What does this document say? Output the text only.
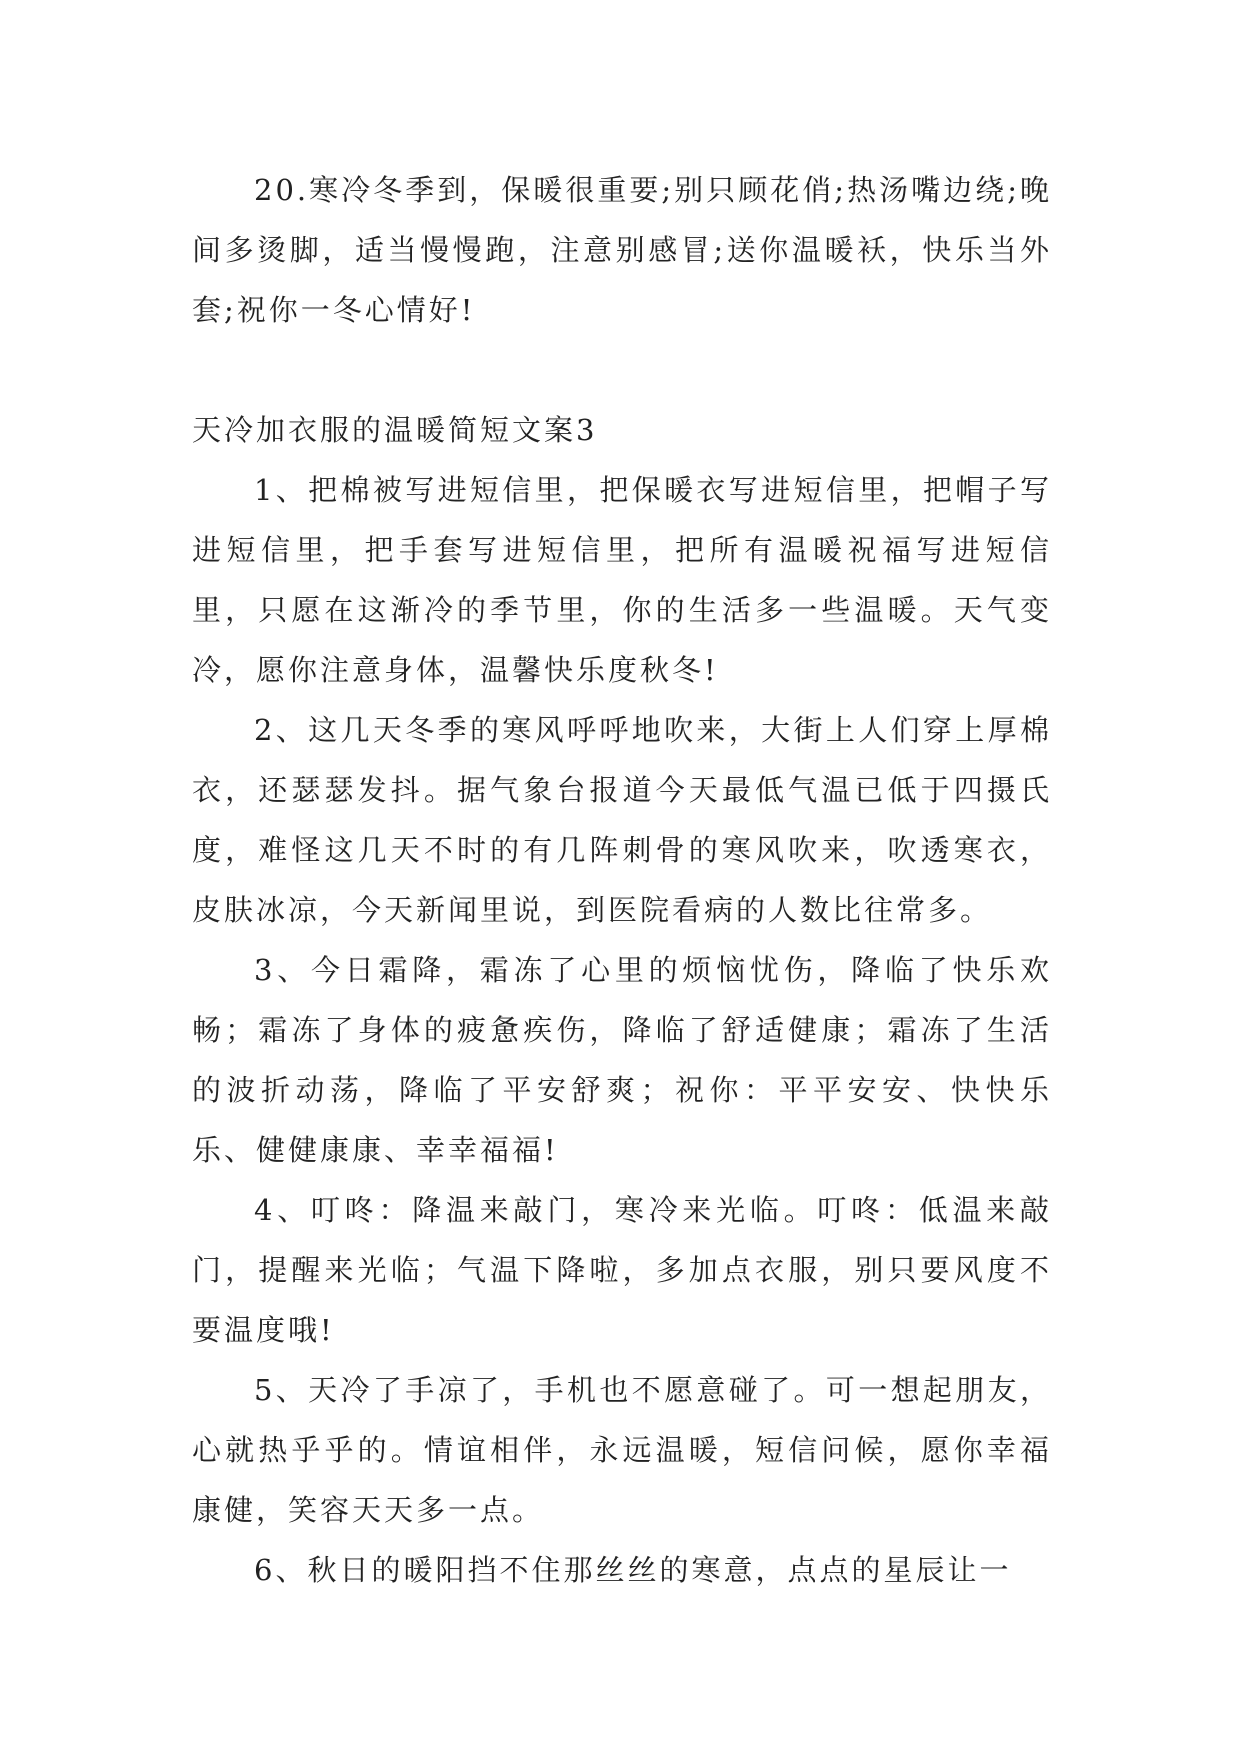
20.寒冷冬季到，保暖很重要;别只顾花俏;热汤嘴边绕;晚间多烫脚，适当慢慢跑，注意别感冒;送你温暖袄，快乐当外套;祝你一冬心情好!

天冷加衣服的温暖简短文案3

1、把棉被写进短信里，把保暖衣写进短信里，把帽子写进短信里，把手套写进短信里，把所有温暖祝福写进短信里，只愿在这渐冷的季节里，你的生活多一些温暖。天气变冷，愿你注意身体，温馨快乐度秋冬!

2、这几天冬季的寒风呼呼地吹来，大街上人们穿上厚棉衣，还瑟瑟发抖。据气象台报道今天最低气温已低于四摄氏度，难怪这几天不时的有几阵刺骨的寒风吹来，吹透寒衣，皮肤冰凉，今天新闻里说，到医院看病的人数比往常多。

3、今日霜降，霜冻了心里的烦恼忧伤，降临了快乐欢畅；霜冻了身体的疲惫疾伤，降临了舒适健康；霜冻了生活的波折动荡，降临了平安舒爽；祝你：平平安安、快快乐乐、健健康康、幸幸福福!

4、叮咚：降温来敲门，寒冷来光临。叮咚：低温来敲门，提醒来光临；气温下降啦，多加点衣服，别只要风度不要温度哦!

5、天冷了手凉了，手机也不愿意碰了。可一想起朋友，心就热乎乎的。情谊相伴，永远温暖，短信问候，愿你幸福康健，笑容天天多一点。

6、秋日的暖阳挡不住那丝丝的寒意，点点的星辰让一
